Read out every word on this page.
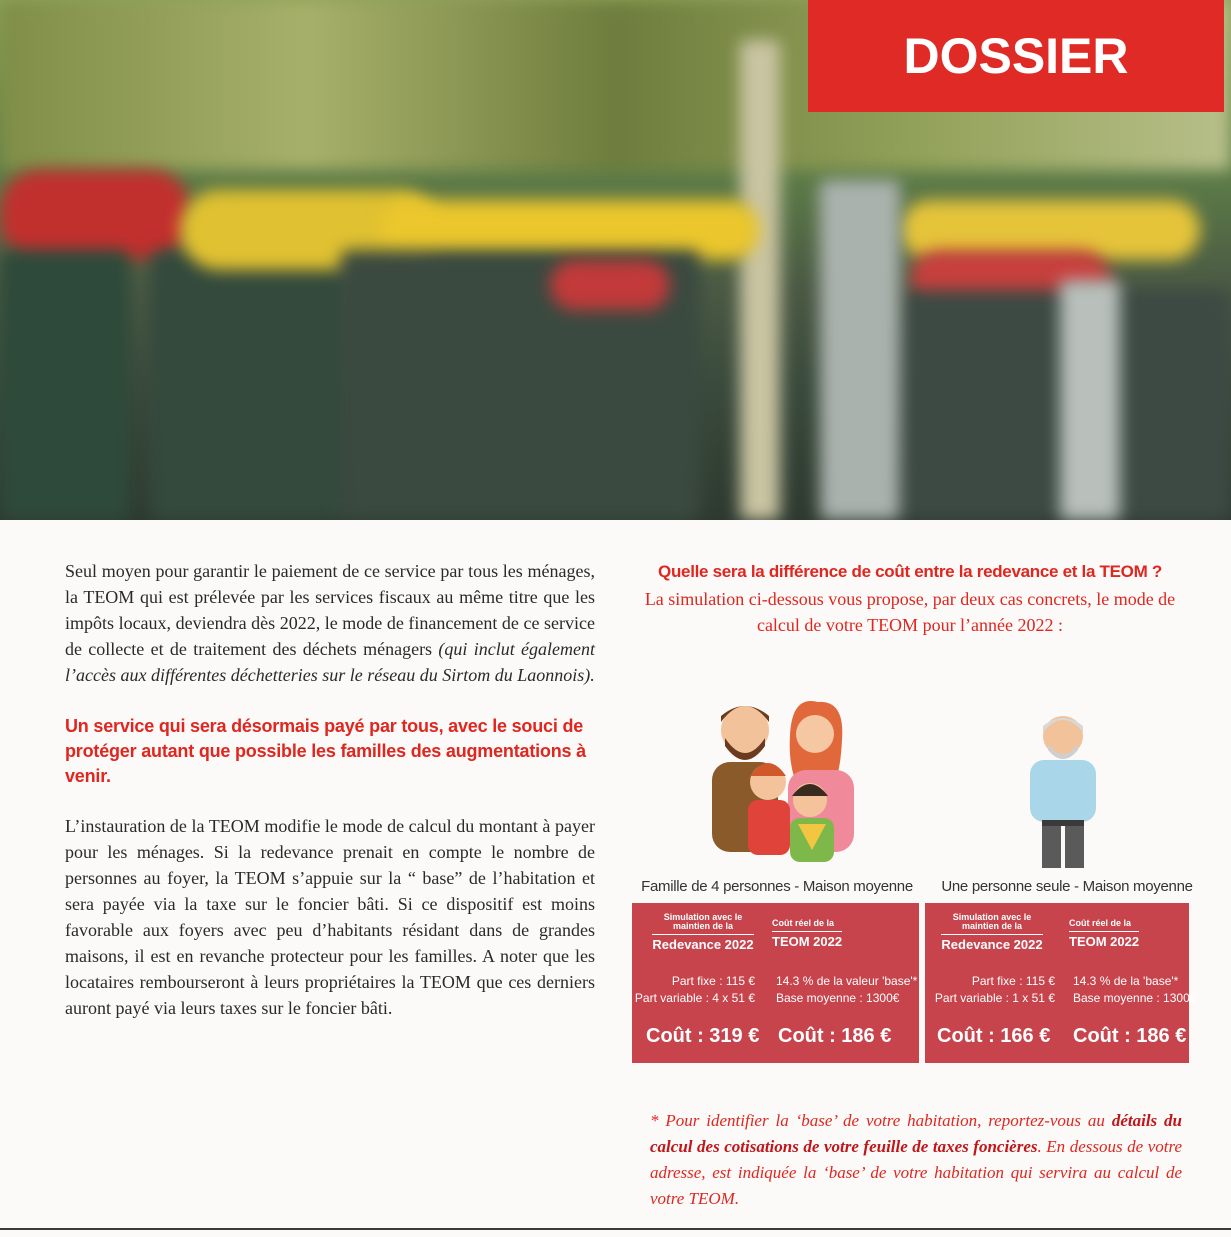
DOSSIER

Seul moyen pour garantir le paiement de ce service par tous les ménages, la TEOM qui est prélevée par les services fiscaux au même titre que les impôts locaux, deviendra dès 2022, le mode de financement de ce service de collecte et de traitement des déchets ménagers (qui inclut également l’accès aux différentes déchetteries sur le réseau du Sirtom du Laonnois).

Un service qui sera désormais payé par tous, avec le souci de protéger autant que possible les familles des augmentations à venir.

L’instauration de la TEOM modifie le mode de calcul du montant à payer pour les ménages. Si la redevance prenait en compte le nombre de personnes au foyer, la TEOM s’appuie sur la “ base” de l’habitation et sera payée via la taxe sur le foncier bâti. Si ce dispositif est moins favorable aux foyers avec peu d’habitants résidant dans de grandes maisons, il est en revanche protecteur pour les familles. A noter que les locataires rembourseront à leurs propriétaires la TEOM que ces derniers auront payé via leurs taxes sur le foncier bâti.

Quelle sera la différence de coût entre la redevance et la TEOM ?

La simulation ci-dessous vous propose, par deux cas concrets, le mode de calcul de votre TEOM pour l’année 2022 :

Famille de 4 personnes - Maison moyenne
Simulation avec le maintien de la
Redevance 2022
Coût réel de la
TEOM 2022
Part fixe : 115 €
Part variable : 4 x 51 €
14.3 % de la valeur 'base'*
Base moyenne : 1300€
Coût : 319 € Coût : 186 €
Une personne seule - Maison moyenne
Simulation avec le maintien de la
Redevance 2022
Coût réel de la
TEOM 2022
Part fixe : 115 €
Part variable : 1 x 51 €
14.3 % de la 'base'*
Base moyenne : 1300€
Coût : 166 € Coût : 186 €

* Pour identifier la ‘base’ de votre habitation, reportez-vous au détails du calcul des cotisations de votre feuille de taxes foncières. En dessous de votre adresse, est indiquée la ‘base’ de votre habitation qui servira au calcul de votre TEOM.
